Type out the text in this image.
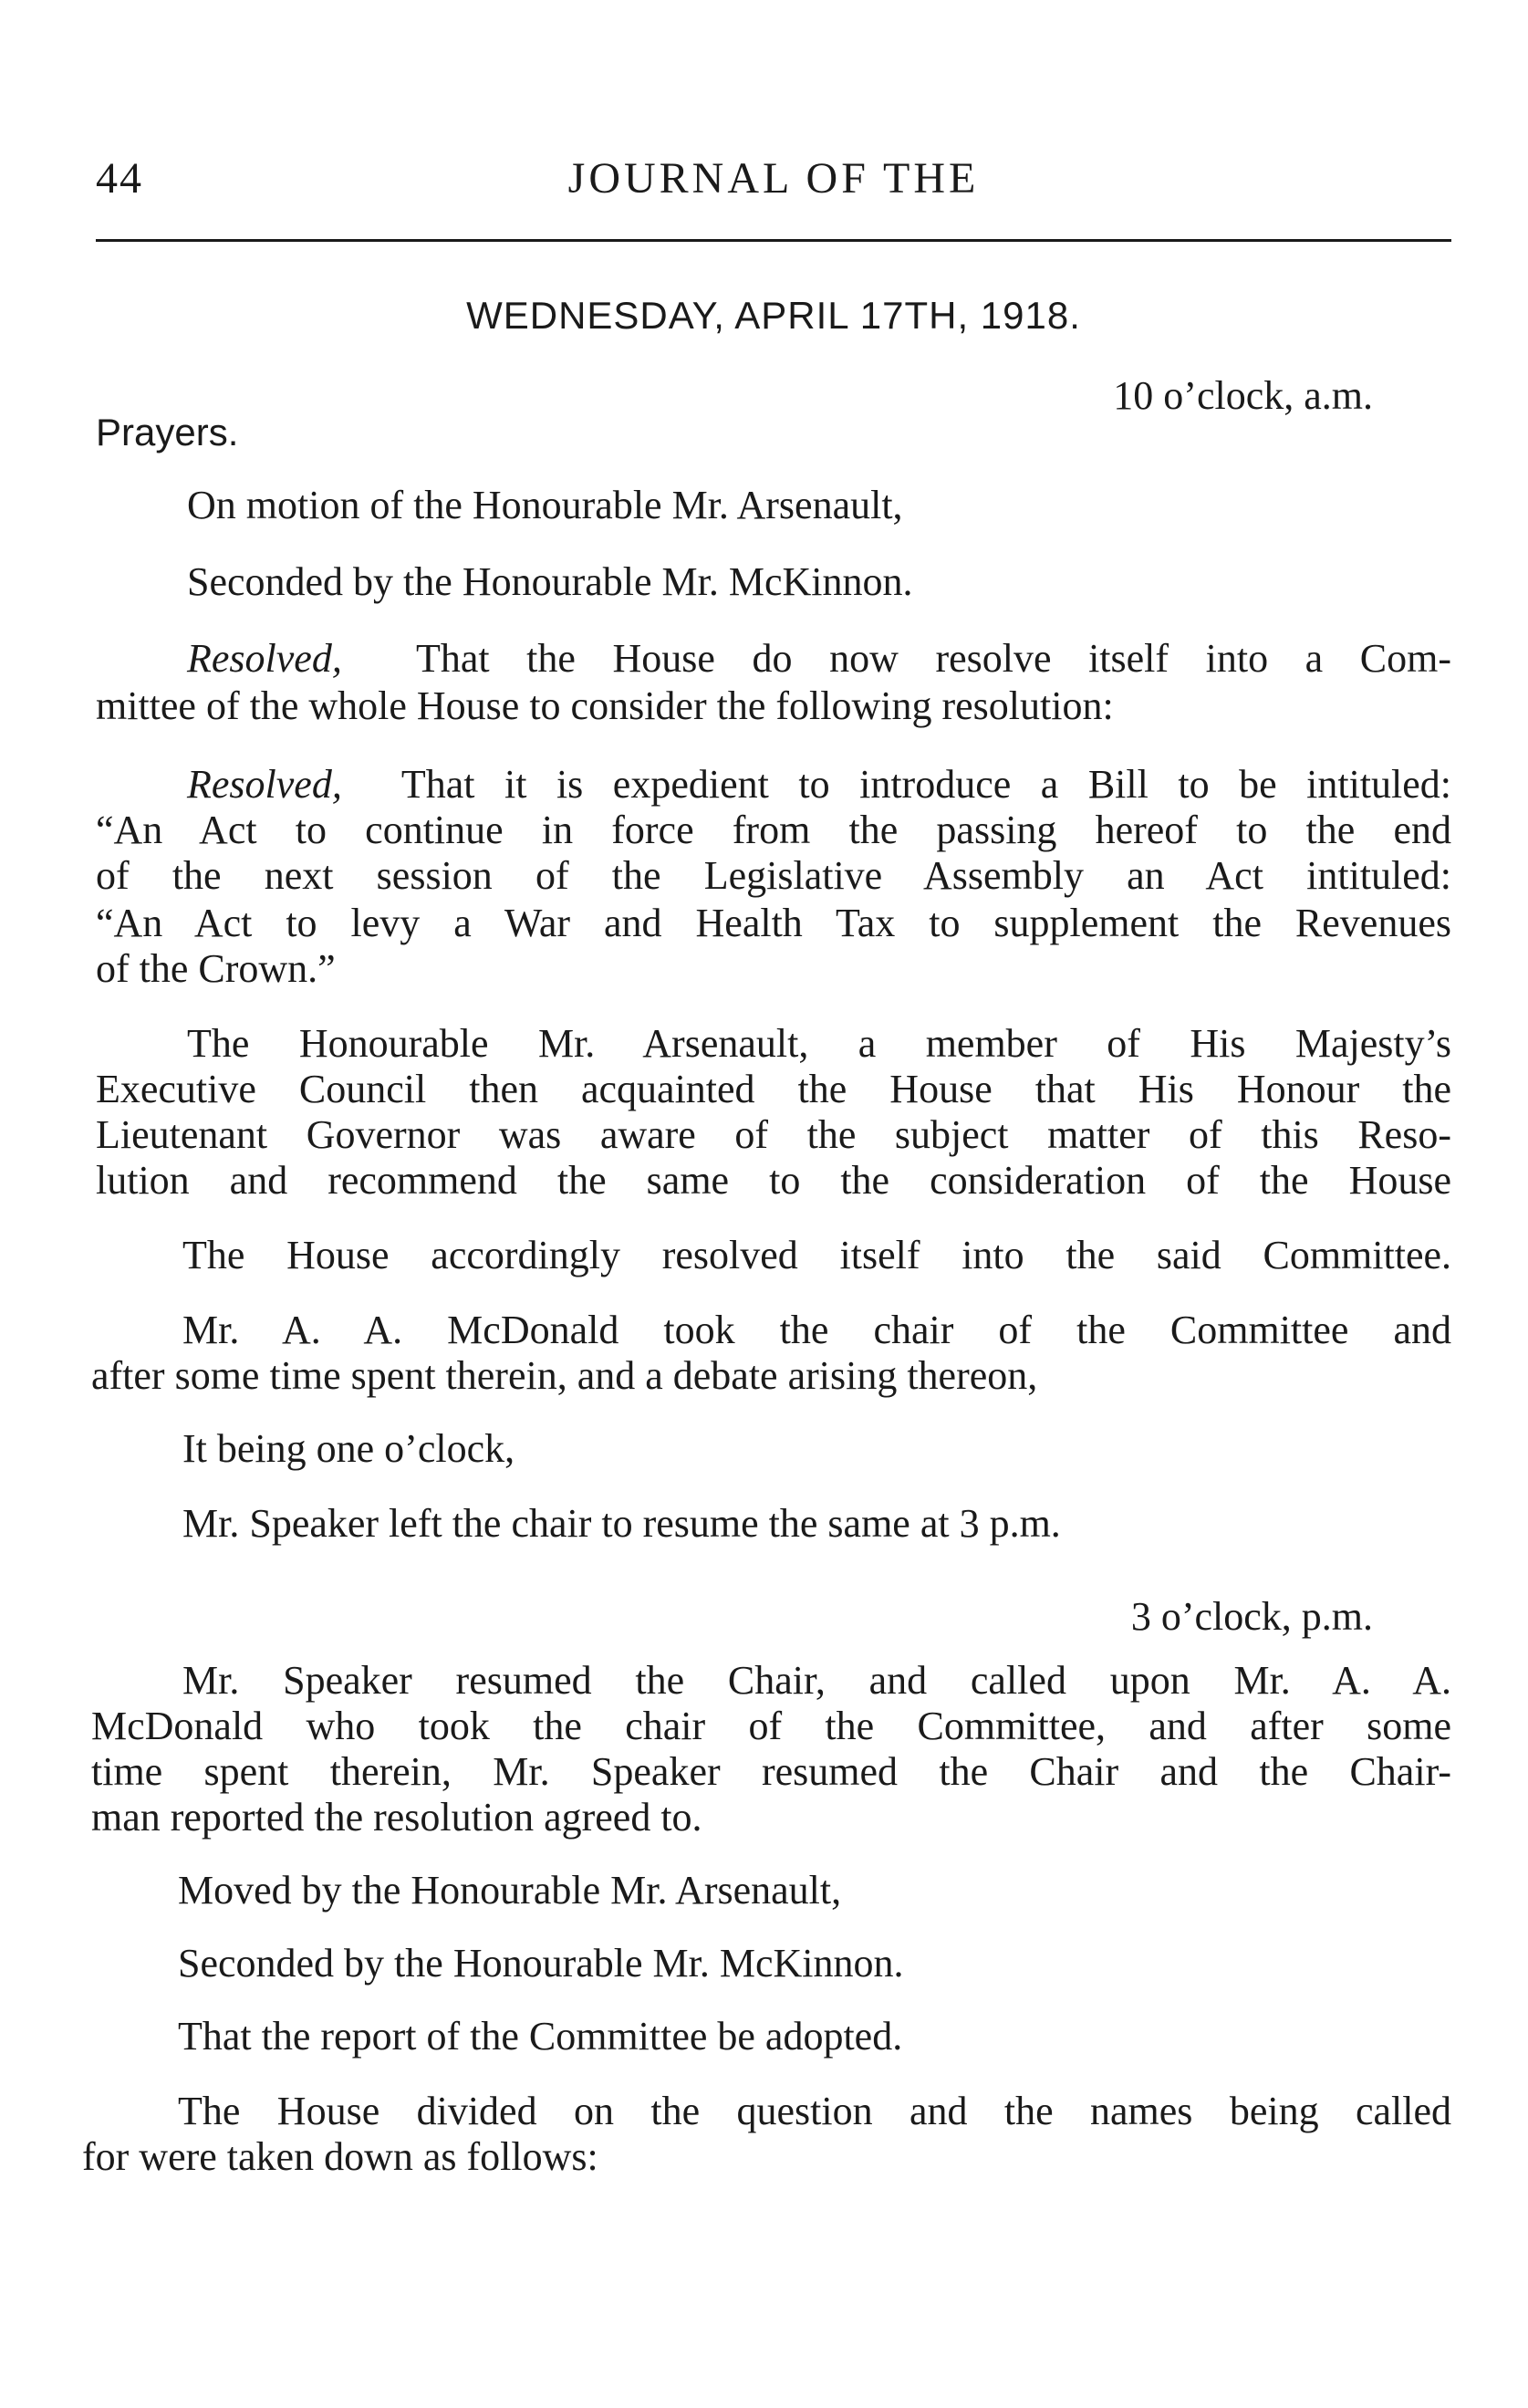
44	JOURNAL OF THE

WEDNESDAY, APRIL 17TH, 1918.

10 o’clock, a.m.

Prayers.

On motion of the Honourable Mr. Arsenault,

Seconded by the Honourable Mr. McKinnon.

Resolved, That the House do now resolve itself into a Com-

mittee of the whole House to consider the following resolution:

Resolved, That it is expedient to introduce a Bill to be intituled:

“An Act to continue in force from the passing hereof to the end

of the next session of the Legislative Assembly an Act intituled:

“An Act to levy a War and Health Tax to supplement the Revenues

of the Crown.”

The Honourable Mr. Arsenault, a member of His Majesty’s

Executive Council then acquainted the House that His Honour the

Lieutenant Governor was aware of the subject matter of this Reso-

lution and recommend the same to the consideration of the House

The House accordingly resolved itself into the said Committee.

Mr. A. A. McDonald took the chair of the Committee and

after some time spent therein, and a debate arising thereon,

It being one o’clock,

Mr. Speaker left the chair to resume the same at 3 p.m.

3 o’clock, p.m.

Mr. Speaker resumed the Chair, and called upon Mr. A. A.

McDonald who took the chair of the Committee, and after some

time spent therein, Mr. Speaker resumed the Chair and the Chair-

man reported the resolution agreed to.

Moved by the Honourable Mr. Arsenault,

Seconded by the Honourable Mr. McKinnon.

That the report of the Committee be adopted.

The House divided on the question and the names being called

for were taken down as follows:
